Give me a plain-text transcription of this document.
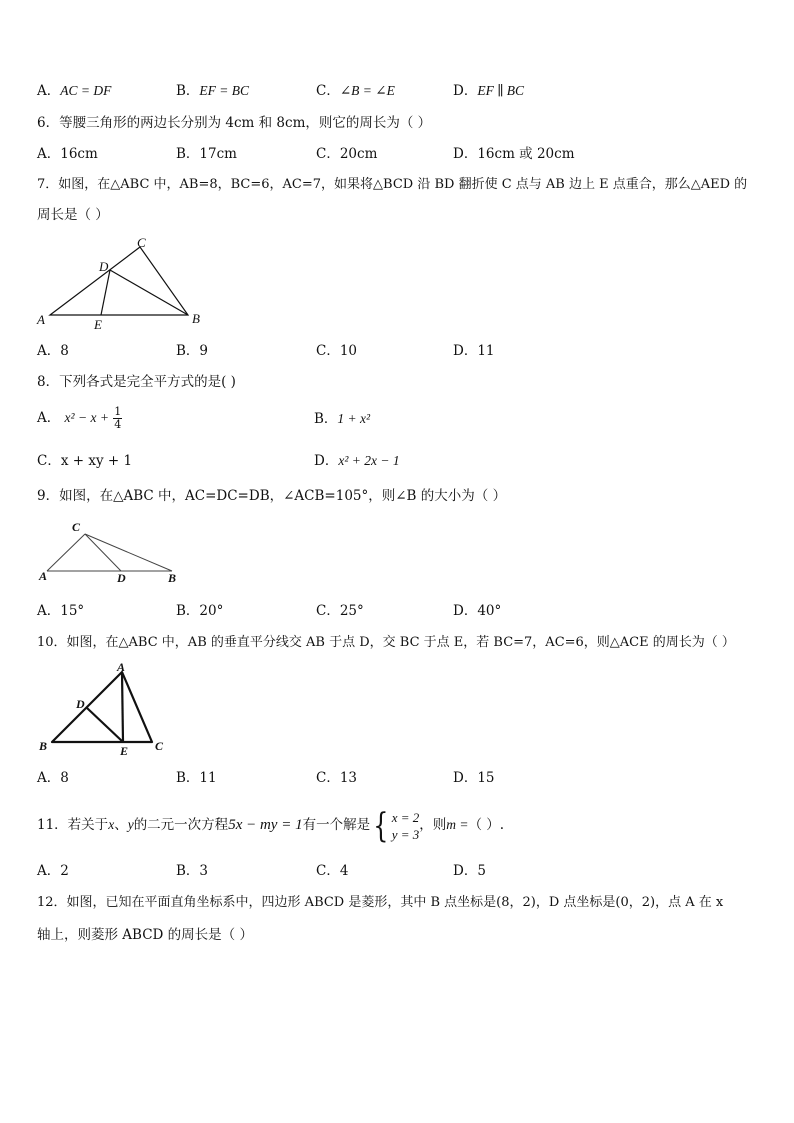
A．AC = DF	B．EF = BC	C．∠B = ∠E	D．EF ∥ BC
6．等腰三角形的两边长分别为 4cm 和 8cm，则它的周长为（ ）
A．16cm	B．17cm	C．20cm	D．16cm 或 20cm
7．如图，在△ABC 中，AB=8，BC=6，AC=7，如果将△BCD 沿 BD 翻折使 C 点与 AB 边上 E 点重合，那么△AED 的
周长是（ ）
A	B
C
D
E
A．8	B．9	C．10	D．11
8．下列各式是完全平方式的是( )
A． $x^2 - x + \frac{1}{4}$	B．1 + x²
C．x + xy + 1	D．x² + 2x − 1
9．如图，在△ABC 中，AC=DC=DB，∠ACB=105°，则∠B 的大小为（ ）
C
A	D	B
A．15°	B．20°	C．25°	D．40°
10．如图，在△ABC 中，AB 的垂直平分线交 AB 于点 D，交 BC 于点 E，若 BC=7，AC=6，则△ACE 的周长为（ ）
A
B	C
D
E
A．8	B．11	C．13	D．15
11．若关于x、y的二元一次方程5x − my = 1有一个解是{ x = 2
y = 3
，则m =（ ）.
A．2	B．3	C．4	D．5
12．如图，已知在平面直角坐标系中，四边形 ABCD 是菱形，其中 B 点坐标是(8，2)，D 点坐标是(0，2)，点 A 在 x
轴上，则菱形 ABCD 的周长是（ ）
